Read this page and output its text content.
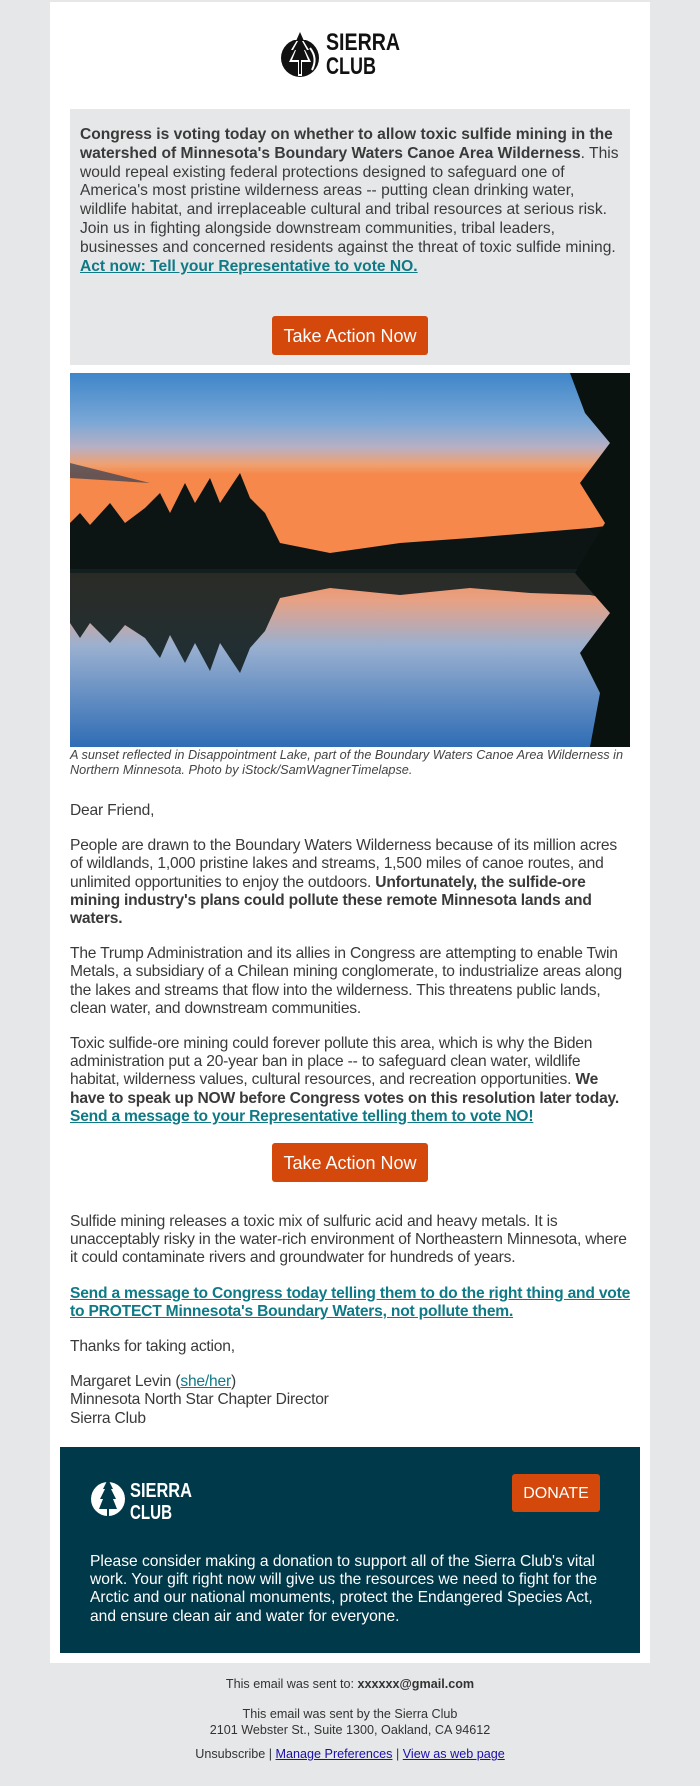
SIERRA
CLUB

Congress is voting today on whether to allow toxic sulfide mining in the watershed of Minnesota's Boundary Waters Canoe Area Wilderness. This would repeal existing federal protections designed to safeguard one of America's most pristine wilderness areas -- putting clean drinking water, wildlife habitat, and irreplaceable cultural and tribal resources at serious risk. Join us in fighting alongside downstream communities, tribal leaders, businesses and concerned residents against the threat of toxic sulfide mining. Act now: Tell your Representative to vote NO.

Take Action Now
A sunset reflected in Disappointment Lake, part of the Boundary Waters Canoe Area Wilderness in Northern Minnesota. Photo by iStock/SamWagnerTimelapse.

Dear Friend,

People are drawn to the Boundary Waters Wilderness because of its million acres of wildlands, 1,000 pristine lakes and streams, 1,500 miles of canoe routes, and unlimited opportunities to enjoy the outdoors. Unfortunately, the sulfide-ore mining industry's plans could pollute these remote Minnesota lands and waters.

The Trump Administration and its allies in Congress are attempting to enable Twin Metals, a subsidiary of a Chilean mining conglomerate, to industrialize areas along the lakes and streams that flow into the wilderness. This threatens public lands, clean water, and downstream communities.

Toxic sulfide-ore mining could forever pollute this area, which is why the Biden administration put a 20-year ban in place -- to safeguard clean water, wildlife habitat, wilderness values, cultural resources, and recreation opportunities. We have to speak up NOW before Congress votes on this resolution later today. Send a message to your Representative telling them to vote NO!

Take Action Now

Sulfide mining releases a toxic mix of sulfuric acid and heavy metals. It is unacceptably risky in the water-rich environment of Northeastern Minnesota, where it could contaminate rivers and groundwater for hundreds of years.

Send a message to Congress today telling them to do the right thing and vote to PROTECT Minnesota's Boundary Waters, not pollute them.

Thanks for taking action,

Margaret Levin (she/her)
Minnesota North Star Chapter Director
Sierra Club

SIERRA
CLUB
DONATE

Please consider making a donation to support all of the Sierra Club's vital work. Your gift right now will give us the resources we need to fight for the Arctic and our national monuments, protect the Endangered Species Act, and ensure clean air and water for everyone.

This email was sent to: xxxxxx@gmail.com
This email was sent by the Sierra Club
2101 Webster St., Suite 1300, Oakland, CA 94612
Unsubscribe | Manage Preferences | View as web page
